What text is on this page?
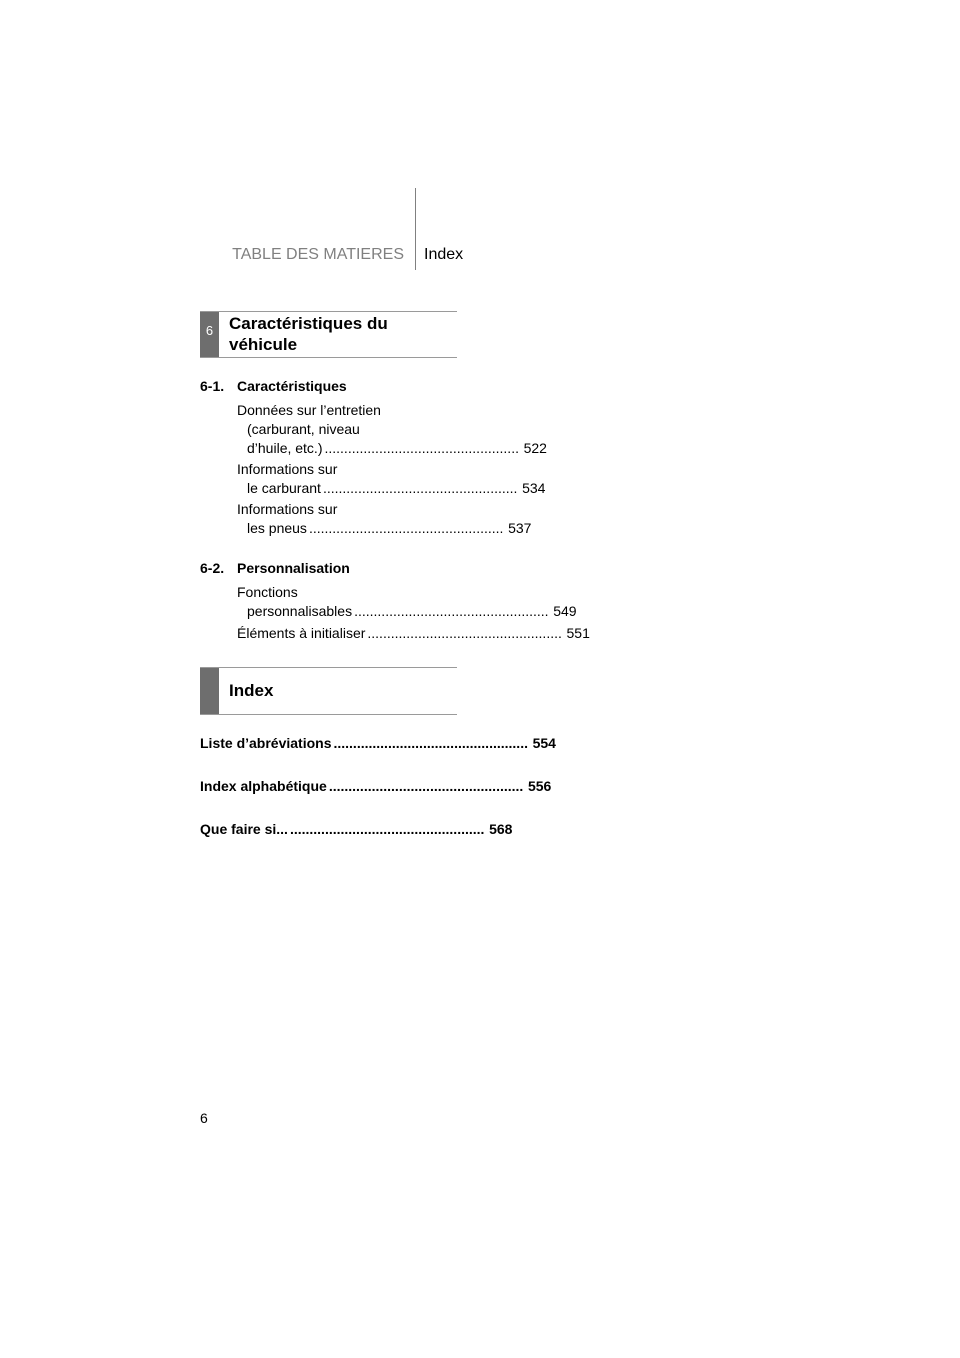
TABLE DES MATIERES Index
6 Caractéristiques du
véhicule
6-1. Caractéristiques
Données sur l’entretien
(carburant, niveau
d’huile, etc.) .................................................. 522
Informations sur
le carburant .................................................. 534
Informations sur
les pneus .................................................. 537
6-2. Personnalisation
Fonctions
personnalisables .................................................. 549
Éléments à initialiser .................................................. 551
Index
Liste d’abréviations .................................................. 554
Index alphabétique .................................................. 556
Que faire si... .................................................. 568
6
